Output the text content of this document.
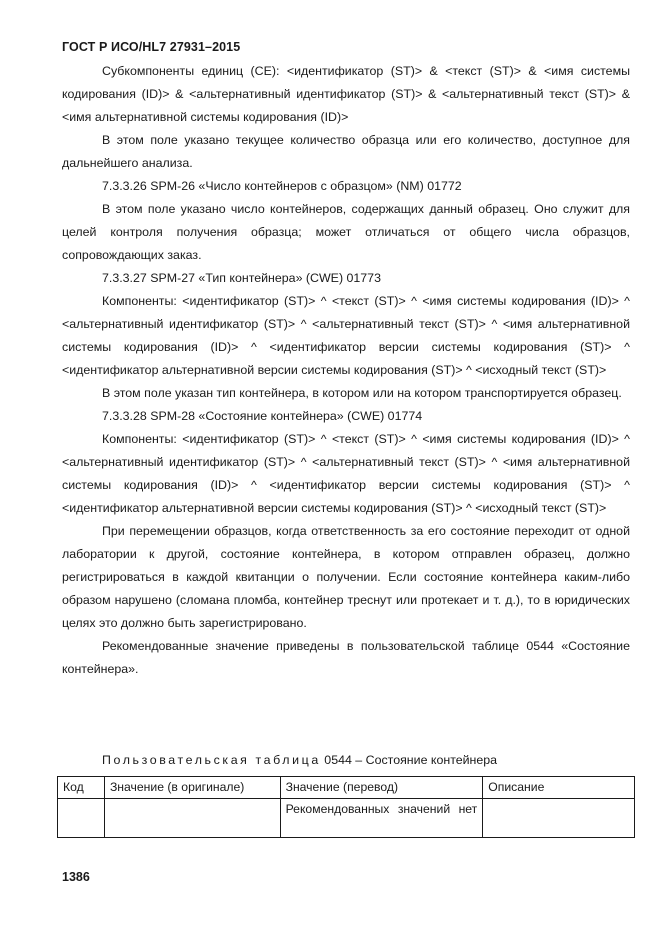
ГОСТ Р ИСО/HL7 27931–2015

Субкомпоненты единиц (CE): <идентификатор (ST)> & <текст (ST)> & <имя системы кодирования (ID)> & <альтернативный идентификатор (ST)> & <альтернативный текст (ST)> & <имя альтернативной системы кодирования (ID)>

В этом поле указано текущее количество образца или его количество, доступное для дальнейшего анализа.

7.3.3.26 SPM-26 «Число контейнеров с образцом» (NM) 01772

В этом поле указано число контейнеров, содержащих данный образец. Оно служит для целей контроля получения образца; может отличаться от общего числа образцов, сопровождающих заказ.

7.3.3.27 SPM-27 «Тип контейнера» (CWE) 01773

Компоненты: <идентификатор (ST)> ^ <текст (ST)> ^ <имя системы кодирования (ID)> ^ <альтернативный идентификатор (ST)> ^ <альтернативный текст (ST)> ^ <имя альтернативной системы кодирования (ID)> ^ <идентификатор версии системы кодирования (ST)> ^ <идентификатор альтернативной версии системы кодирования (ST)> ^ <исходный текст (ST)>

В этом поле указан тип контейнера, в котором или на котором транспортируется образец.

7.3.3.28 SPM-28 «Состояние контейнера» (CWE) 01774

Компоненты: <идентификатор (ST)> ^ <текст (ST)> ^ <имя системы кодирования (ID)> ^ <альтернативный идентификатор (ST)> ^ <альтернативный текст (ST)> ^ <имя альтернативной системы кодирования (ID)> ^ <идентификатор версии системы кодирования (ST)> ^ <идентификатор альтернативной версии системы кодирования (ST)> ^ <исходный текст (ST)>

При перемещении образцов, когда ответственность за его состояние переходит от одной лаборатории к другой, состояние контейнера, в котором отправлен образец, должно регистрироваться в каждой квитанции о получении. Если состояние контейнера каким-либо образом нарушено (сломана пломба, контейнер треснут или протекает и т. д.), то в юридических целях это должно быть зарегистрировано.

Рекомендованные значение приведены в пользовательской таблице 0544 «Состояние контейнера».

Пользовательская таблица 0544 – Состояние контейнера
Код	Значение (в оригинале)	Значение (перевод)	Описание

		Рекомендованных значений нет	

1386
